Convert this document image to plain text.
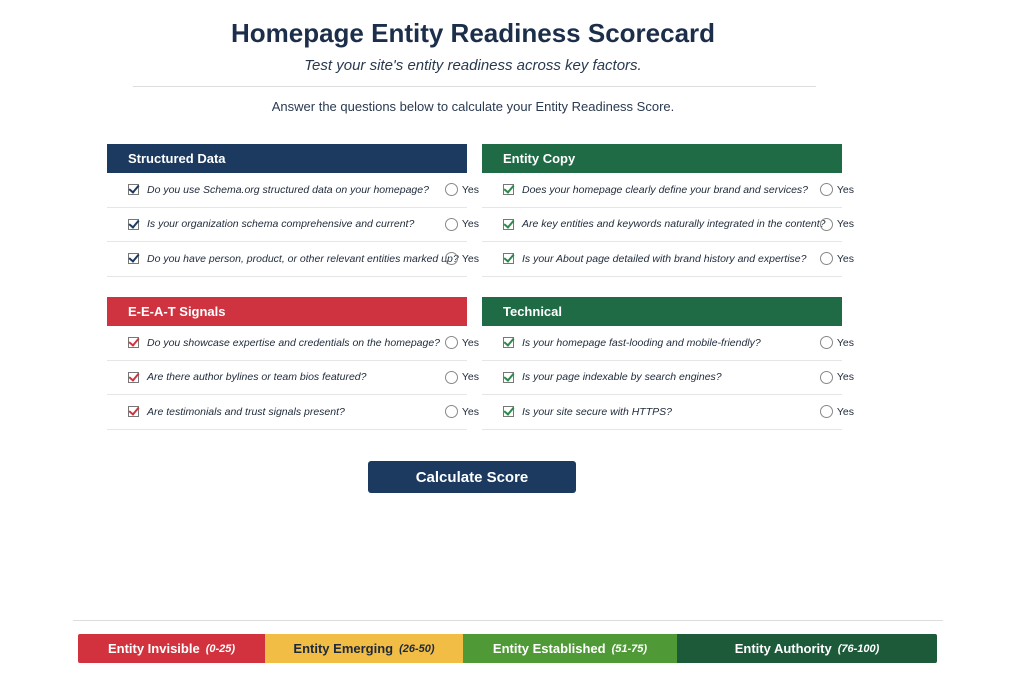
Homepage Entity Readiness Scorecard
Test your site's entity readiness across key factors.
Answer the questions below to calculate your Entity Readiness Score.
Structured Data
Do you use Schema.org structured data on your homepage?	Yes
Is your organization schema comprehensive and current?	Yes
Do you have person, product, or other relevant entities marked up? Yes
Entity Copy
Does your homepage clearly define your brand and services?	Yes
Are key entities and keywords naturally integrated in the content?	Yes
Is your About page detailed with brand history and expertise?	Yes
E-E-A-T Signals
Do you showcase expertise and credentials on the homepage?	Yes
Are there author bylines or team bios featured?	Yes
Are testimonials and trust signals present?	Yes
Technical
Is your homepage fast-looding and mobile-friendly?	Yes
Is your page indexable by search engines?	Yes
Is your site secure with HTTPS?	Yes
Calculate Score
Entity Invisible (0-25)	Entity Emerging (26-50)	Entity Established (51-75)	Entity Authority (76-100)
